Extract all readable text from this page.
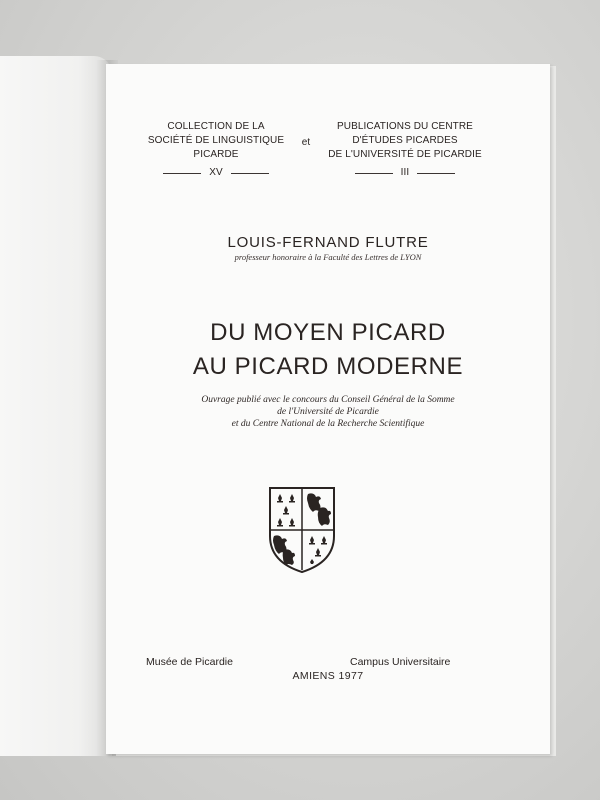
COLLECTION DE LA
SOCIÉTÉ DE LINGUISTIQUE
PICARDE
XV
et
PUBLICATIONS DU CENTRE
D'ÉTUDES PICARDES
DE L'UNIVERSITÉ DE PICARDIE
III
LOUIS-FERNAND FLUTRE
professeur honoraire à la Faculté des Lettres de LYON
DU MOYEN PICARD
AU PICARD MODERNE
Ouvrage publié avec le concours du Conseil Général de la Somme
de l'Université de Picardie
et du Centre National de la Recherche Scientifique
Musée de Picardie	Campus Universitaire
AMIENS 1977
